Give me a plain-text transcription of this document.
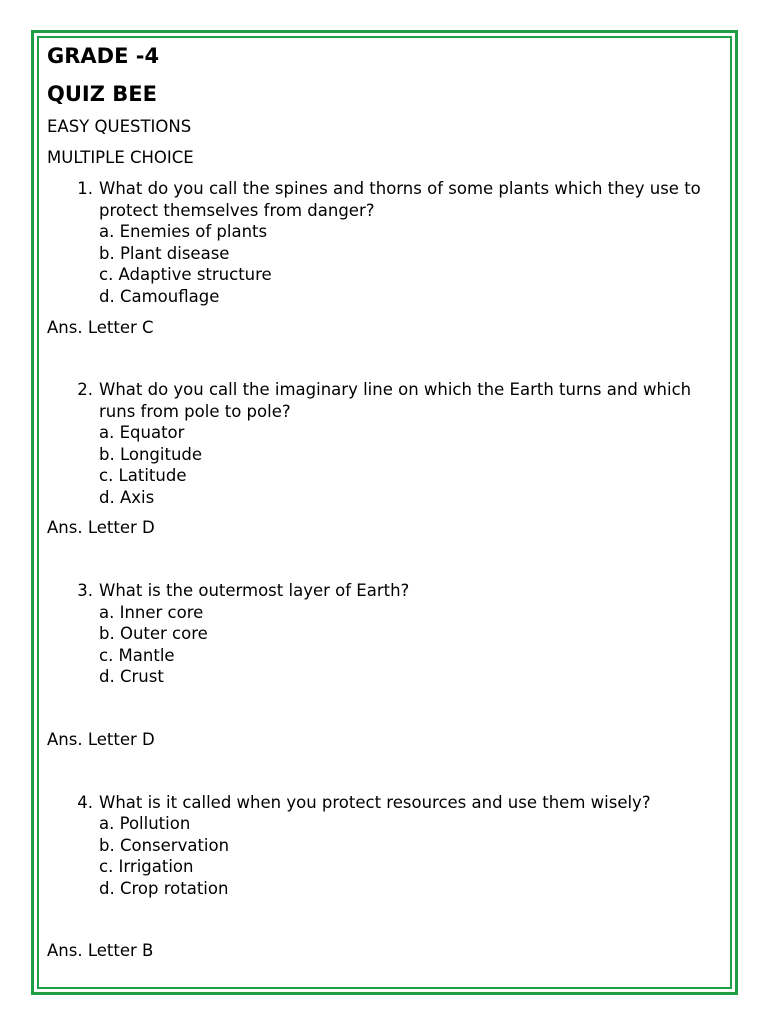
GRADE -4

QUIZ BEE

EASY QUESTIONS

MULTIPLE CHOICE

1. What do you call the spines and thorns of some plants which they use to protect themselves from danger?
a. Enemies of plants
b. Plant disease
c. Adaptive structure
d. Camouflage

Ans. Letter C

2. What do you call the imaginary line on which the Earth turns and which runs from pole to pole?
a. Equator
b. Longitude
c. Latitude
d. Axis

Ans. Letter D

3. What is the outermost layer of Earth?
a. Inner core
b. Outer core
c. Mantle
d. Crust

Ans. Letter D

4. What is it called when you protect resources and use them wisely?
a. Pollution
b. Conservation
c. Irrigation
d. Crop rotation

Ans. Letter B
